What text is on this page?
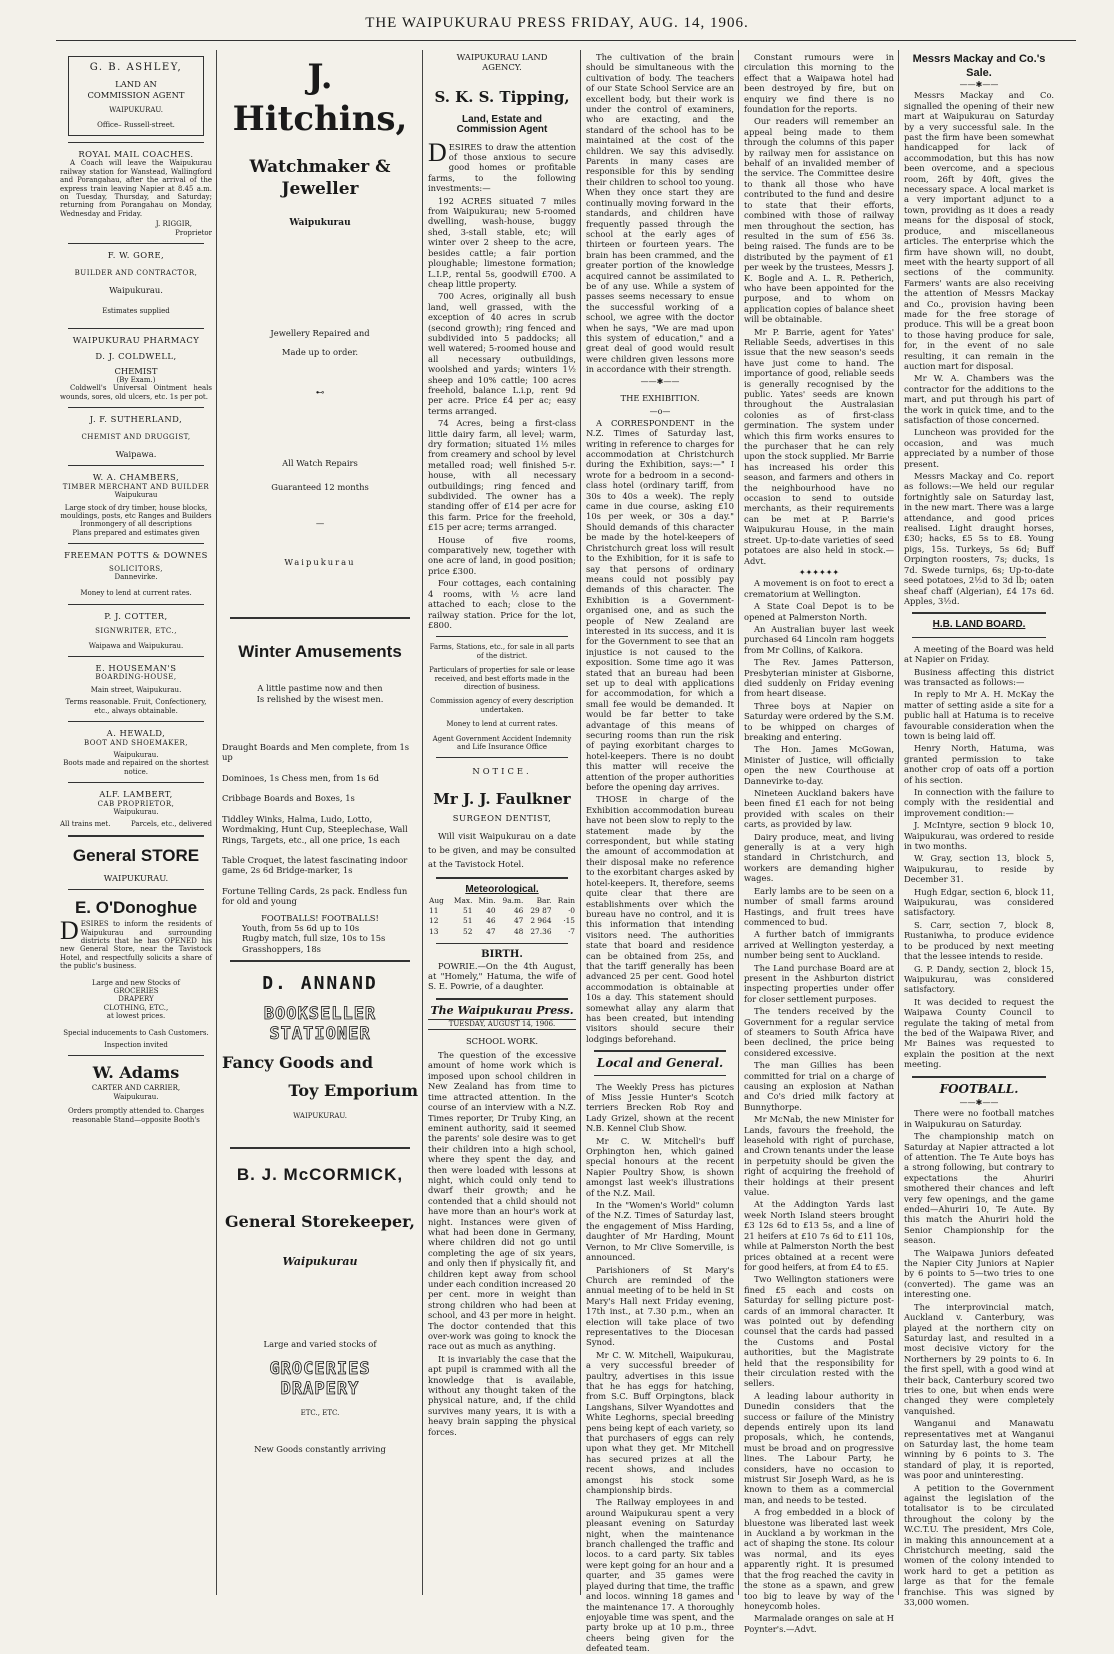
THE WAIPUKURAU PRESS FRIDAY, AUG. 14, 1906.
G. B. ASHLEY,
LAND AN
COMMISSION AGENT
WAIPUKURAU.
Office– Russell-street.
ROYAL MAIL COACHES.
A Coach will leave the Waipukurau railway station for Wanstead, Wallingford and Porangahau, after the arrival of the express train leaving Napier at 8.45 a.m. on Tuesday, Thursday, and Saturday; returning from Porangahau on Monday, Wednesday and Friday.
J. RIGGIR,
Proprietor
F. W. GORE,
BUILDER AND CONTRACTOR,
Waipukurau.
Estimates supplied
WAIPUKURAU PHARMACY
D. J. COLDWELL,
CHEMIST
(By Exam.)
Coldwell's Universal Ointment heals wounds, sores, old ulcers, etc. 1s per pot.
J. F. SUTHERLAND,
CHEMIST AND DRUGGIST,
Waipawa.
W. A. CHAMBERS,
TIMBER MERCHANT AND BUILDER
Waipukurau
Large stock of dry timber, house blocks, mouldings, posts, etc Ranges and Builders Ironmongery of all descriptions
Plans prepared and estimates given
FREEMAN POTTS & DOWNES
SOLICITORS,
Dannevirke.
Money to lend at current rates.
P. J. COTTER,
SIGNWRITER, ETC.,
Waipawa and Waipukurau.
E. HOUSEMAN'S
BOARDING-HOUSE,
Main street, Waipukurau.
Terms reasonable. Fruit, Confectionery, etc., always obtainable.
A. HEWALD,
BOOT AND SHOEMAKER,
Waipukurau.
Boots made and repaired on the shortest notice.
ALF. LAMBERT,
CAB PROPRIETOR,
Waipukurau.
All trains met.	Parcels, etc., delivered
General STORE
WAIPUKURAU.
E. O'Donoghue
DESIRES to inform the residents of Waipukurau and surrounding districts that he has OPENED his new General Store, near the Tavistock Hotel, and respectfully solicits a share of the public's business.
Large and new Stocks of
GROCERIES
DRAPERY
CLOTHING, ETC.,
at lowest prices.
Special inducements to Cash Customers.
Inspection invited
W. Adams
CARTER AND CARRIER,
Waipukurau.
Orders promptly attended to. Charges reasonable Stand—opposite Booth's
J. Hitchins,
Watchmaker & Jeweller
Waipukurau
Jewellery Repaired and
Made up to order.
⊷
All Watch Repairs
Guaranteed 12 months
—
Waipukurau
Winter Amusements
A little pastime now and then
Is relished by the wisest men.
Draught Boards and Men complete, from 1s up
Dominoes, 1s Chess men, from 1s 6d
Cribbage Boards and Boxes, 1s
Tiddley Winks, Halma, Ludo, Lotto, Wordmaking, Hunt Cup, Steeplechase, Wall Rings, Targets, etc., all one price, 1s each
Table Croquet, the latest fascinating indoor game, 2s 6d Bridge-marker, 1s
Fortune Telling Cards, 2s pack. Endless fun for old and young
FOOTBALLS! FOOTBALLS!
Youth, from 5s 6d up to 10s
Rugby match, full size, 10s to 15s
Grasshoppers, 18s
D. ANNAND
BOOKSELLER
STATIONER
Fancy Goods and
Toy Emporium
WAIPUKURAU.
B. J. McCORMICK,
General Storekeeper,
Waipukurau
Large and varied stocks of
GROCERIES
DRAPERY
ETC., ETC.
New Goods constantly arriving
WAIPUKURAU LAND
AGENCY.
S. K. S. Tipping,
Land, Estate and
Commission Agent
DESIRES to draw the attention of those anxious to secure good homes or profitable farms, to the following investments:—
192 ACRES situated 7 miles from Waipukurau; new 5-roomed dwelling, wash-house, buggy shed, 3-stall stable, etc; will winter over 2 sheep to the acre, besides cattle; a fair portion ploughable; limestone formation; L.I.P., rental 5s, goodwill £700. A cheap little property.
700 Acres, originally all bush land, well grassed, with the exception of 40 acres in scrub (second growth); ring fenced and subdivided into 5 paddocks; all well watered; 5-roomed house and all necessary outbuildings, woolshed and yards; winters 1½ sheep and 10% cattle; 100 acres freehold, balance L.i.p, rent 9d per acre. Price £4 per ac; easy terms arranged.
74 Acres, being a first-class little dairy farm, all level; warm, dry formation; situated 1½ miles from creamery and school by level metalled road; well finished 5-r. house, with all necessary outbuildings; ring fenced and subdivided. The owner has a standing offer of £14 per acre for this farm. Price for the freehold, £15 per acre; terms arranged.
House of five rooms, comparatively new, together with one acre of land, in good position; price £300.
Four cottages, each containing 4 rooms, with ½ acre land attached to each; close to the railway station. Price for the lot, £800.
Farms, Stations, etc., for sale in all parts of the district.
Particulars of properties for sale or lease received, and best efforts made in the direction of business.
Commission agency of every description undertaken.
Money to lend at current rates.
Agent Government Accident Indemnity and Life Insurance Office
NOTICE.
Mr J. J. Faulkner
SURGEON DENTIST,
Will visit Waipukurau on a date to be given, and may be consulted at the Tavistock Hotel.
Meteorological.
Aug	Max.	Min.	9a.m.	Bar.	Rain
11	51	40	46	29 87	·0
12	51	46	47	2 964	·15
13	52	47	48	27.36	·7
BIRTH.
POWRIE.—On the 4th August, at "Homely," Hatuma, the wife of S. E. Powrie, of a daughter.
The Waipukurau Press.
TUESDAY, AUGUST 14, 1906.
SCHOOL WORK.
The question of the excessive amount of home work which is imposed upon school children in New Zealand has from time to time attracted attention. In the course of an interview with a N.Z. Times reporter, Dr Truby King, an eminent authority, said it seemed the parents' sole desire was to get their children into a high school, where they spent the day, and then were loaded with lessons at night, which could only tend to dwarf their growth; and he contended that a child should not have more than an hour's work at night. Instances were given of what had been done in Germany, where children did not go until completing the age of six years, and only then if physically fit, and children kept away from school under each condition increased 20 per cent. more in weight than strong children who had been at school, and 43 per more in height. The doctor contended that this over-work was going to knock the race out as much as anything.
It is invariably the case that the apt pupil is crammed with all the knowledge that is available, without any thought taken of the physical nature, and, if the child survives many years, it is with a heavy brain sapping the physical forces.
The cultivation of the brain should be simultaneous with the cultivation of body. The teachers of our State School Service are an excellent body, but their work is under the control of examiners, who are exacting, and the standard of the school has to be maintained at the cost of the children. We say this advisedly. Parents in many cases are responsible for this by sending their children to school too young. When they once start they are continually moving forward in the standards, and children have frequently passed through the school at the early ages of thirteen or fourteen years. The brain has been crammed, and the greater portion of the knowledge acquired cannot be assimilated to be of any use. While a system of passes seems necessary to ensue the successful working of a school, we agree with the doctor when he says, "We are mad upon this system of education," and a great deal of good would result were children given lessons more in accordance with their strength.
——✱——
THE EXHIBITION.
—o—
A CORRESPONDENT in the N.Z. Times of Saturday last, writing in reference to charges for accommodation at Christchurch during the Exhibition, says:—" I wrote for a bedroom in a second-class hotel (ordinary tariff, from 30s to 40s a week). The reply came in due course, asking £10 10s per week, or 30s a day." Should demands of this character be made by the hotel-keepers of Christchurch great loss will result to the Exhibition, for it is safe to say that persons of ordinary means could not possibly pay demands of this character. The Exhibition is a Government-organised one, and as such the people of New Zealand are interested in its success, and it is for the Government to see that an injustice is not caused to the exposition. Some time ago it was stated that an bureau had been set up to deal with applications for accommodation, for which a small fee would be demanded. It would be far better to take advantage of this means of securing rooms than run the risk of paying exorbitant charges to hotel-keepers. There is no doubt this matter will receive the attention of the proper authorities before the opening day arrives.
THOSE in charge of the Exhibition accommodation bureau have not been slow to reply to the statement made by the correspondent, but while stating the amount of accommodation at their disposal make no reference to the exorbitant charges asked by hotel-keepers. It, therefore, seems quite clear that there are establishments over which the bureau have no control, and it is this information that intending visitors need. The authorities state that board and residence can be obtained from 25s, and that the tariff generally has been advanced 25 per cent. Good hotel accommodation is obtainable at 10s a day. This statement should somewhat allay any alarm that has been created, but intending visitors should secure their lodgings beforehand.
Local and General.
The Weekly Press has pictures of Miss Jessie Hunter's Scotch terriers Brecken Rob Roy and Lady Grizel, shown at the recent N.B. Kennel Club Show.
Mr C. W. Mitchell's buff Orphington hen, which gained special honours at the recent Napier Poultry Show, is shown amongst last week's illustrations of the N.Z. Mail.
In the "Women's World" column of the N.Z. Times of Saturday last, the engagement of Miss Harding, daughter of Mr Harding, Mount Vernon, to Mr Clive Somerville, is announced.
Parishioners of St Mary's Church are reminded of the annual meeting of to be held in St Mary's Hall next Friday evening, 17th inst., at 7.30 p.m., when an election will take place of two representatives to the Diocesan Synod.
Mr C. W. Mitchell, Waipukurau, a very successful breeder of paultry, advertises in this issue that he has eggs for hatching, from S.C. Buff Orpingtons, black Langshans, Silver Wyandottes and White Leghorns, special breeding pens being kept of each variety, so that purchasers of eggs can rely upon what they get. Mr Mitchell has secured prizes at all the recent shows, and includes amongst his stock some championship birds.
The Railway employees in and around Waipukurau spent a very pleasant evening on Saturday night, when the maintenance branch challenged the traffic and locos. to a card party. Six tables were kept going for an hour and a quarter, and 35 games were played during that time, the traffic and locos. winning 18 games and the maintenance 17. A thoroughly enjoyable time was spent, and the party broke up at 10 p.m., three cheers being given for the defeated team.
Constant rumours were in circulation this morning to the effect that a Waipawa hotel had been destroyed by fire, but on enquiry we find there is no foundation for the reports.
Our readers will remember an appeal being made to them through the columns of this paper by railway men for assistance on behalf of an invalided member of the service. The Committee desire to thank all those who have contributed to the fund and desire to state that their efforts, combined with those of railway men throughout the section, has resulted in the sum of £56 3s. being raised. The funds are to be distributed by the payment of £1 per week by the trustees, Messrs J. K. Bogle and A. L. R. Petherich, who have been appointed for the purpose, and to whom on application copies of balance sheet will be obtainable.
Mr P. Barrie, agent for Yates' Reliable Seeds, advertises in this issue that the new season's seeds have just come to hand. The importance of good, reliable seeds is generally recognised by the public. Yates' seeds are known throughout the Australasian colonies as of first-class germination. The system under which this firm works ensures to the purchaser that he can rely upon the stock supplied. Mr Barrie has increased his order this season, and farmers and others in the neighbourhood have no occasion to send to outside merchants, as their requirements can be met at P. Barrie's Waipukurau House, in the main street. Up-to-date varieties of seed potatoes are also held in stock.—Advt.
✦✦✦✦✦✦
A movement is on foot to erect a crematorium at Wellington.
A State Coal Depot is to be opened at Palmerston North.
An Australian buyer last week purchased 64 Lincoln ram hoggets from Mr Collins, of Kaikora.
The Rev. James Patterson, Presbyterian minister at Gisborne, died suddenly on Friday evening from heart disease.
Three boys at Napier on Saturday were ordered by the S.M. to be whipped on charges of breaking and entering.
The Hon. James McGowan, Minister of Justice, will officially open the new Courthouse at Dannevirke to-day.
Nineteen Auckland bakers have been fined £1 each for not being provided with scales on their carts, as provided by law.
Dairy produce, meat, and living generally is at a very high standard in Christchurch, and workers are demanding higher wages.
Early lambs are to be seen on a number of small farms around Hastings, and fruit trees have commenced to bud.
A further batch of immigrants arrived at Wellington yesterday, a number being sent to Auckland.
The Land purchase Board are at present in the Ashburton district inspecting properties under offer for closer settlement purposes.
The tenders received by the Government for a regular service of steamers to South Africa have been declined, the price being considered excessive.
The man Gillies has been committed for trial on a charge of causing an explosion at Nathan and Co's dried milk factory at Bunnythorpe.
Mr McNab, the new Minister for Lands, favours the freehold, the leasehold with right of purchase, and Crown tenants under the lease in perpetuity should be given the right of acquiring the freehold of their holdings at their present value.
At the Addington Yards last week North Island steers brought £3 12s 6d to £13 5s, and a line of 21 heifers at £10 7s 6d to £11 10s, while at Palmerston North the best prices obtained at a recent were for good heifers, at from £4 to £5.
Two Wellington stationers were fined £5 each and costs on Saturday for selling picture post-cards of an immoral character. It was pointed out by defending counsel that the cards had passed the Customs and Postal authorities, but the Magistrate held that the responsibility for their circulation rested with the sellers.
A leading labour authority in Dunedin considers that the success or failure of the Ministry depends entirely upon its land proposals, which, he contends, must be broad and on progressive lines. The Labour Party, he considers, have no occasion to mistrust Sir Joseph Ward, as he is known to them as a commercial man, and needs to be tested.
A frog embedded in a block of bluestone was liberated last week in Auckland a by workman in the act of shaping the stone. Its colour was normal, and its eyes apparently right. It is presumed that the frog reached the cavity in the stone as a spawn, and grew too big to leave by way of the honeycomb holes.
Marmalade oranges on sale at H Poynter's.—Advt.
Messrs Mackay and Co.'s Sale.
——✱——
Messrs Mackay and Co. signalled the opening of their new mart at Waipukurau on Saturday by a very successful sale. In the past the firm have been somewhat handicapped for lack of accommodation, but this has now been overcome, and a specious room, 26ft by 40ft, gives the necessary space. A local market is a very important adjunct to a town, providing as it does a ready means for the disposal of stock, produce, and miscellaneous articles. The enterprise which the firm have shown will, no doubt, meet with the hearty support of all sections of the community. Farmers' wants are also receiving the attention of Messrs Mackay and Co., provision having been made for the free storage of produce. This will be a great boon to those having produce for sale, for, in the event of no sale resulting, it can remain in the auction mart for disposal.
Mr W. A. Chambers was the contractor for the additions to the mart, and put through his part of the work in quick time, and to the satisfaction of those concerned.
Luncheon was provided for the occasion, and was much appreciated by a number of those present.
Messrs Mackay and Co. report as follows:—We held our regular fortnightly sale on Saturday last, in the new mart. There was a large attendance, and good prices realised. Light draught horses, £30; hacks, £5 5s to £8. Young pigs, 15s. Turkeys, 5s 6d; Buff Orpington roosters, 7s; ducks, 1s 7d. Swede turnips, 6s; Up-to-date seed potatoes, 2½d to 3d lb; oaten sheaf chaff (Algerian), £4 17s 6d. Apples, 3½d.
H.B. LAND BOARD.
A meeting of the Board was held at Napier on Friday.
Business affecting this district was transacted as follows:—
In reply to Mr A. H. McKay the matter of setting aside a site for a public hall at Hatuma is to receive favourable consideration when the town is being laid off.
Henry North, Hatuma, was granted permission to take another crop of oats off a portion of his section.
In connection with the failure to comply with the residential and improvement condition:—
J. McIntyre, section 9 block 10, Waipukurau, was ordered to reside in two months.
W. Gray, section 13, block 5, Waipukurau, to reside by December 31.
Hugh Edgar, section 6, block 11, Waipukurau, was considered satisfactory.
S. Carr, section 7, block 8, Rustaniwha, to produce evidence to be produced by next meeting that the lessee intends to reside.
G. P. Dandy, section 2, block 15, Waipukurau, was considered satisfactory.
It was decided to request the Waipawa County Council to regulate the taking of metal from the bed of the Waipawa River, and Mr Baines was requested to explain the position at the next meeting.
FOOTBALL.
——✱——
There were no football matches in Waipukurau on Saturday.
The championship match on Saturday at Napier attracted a lot of attention. The Te Aute boys has a strong following, but contrary to expectations the Ahuriri smothered their chances and left very few openings, and the game ended—Ahuriri 10, Te Aute. By this match the Ahuriri hold the Senior Championship for the season.
The Waipawa Juniors defeated the Napier City Juniors at Napier by 6 points to 5—two tries to one (converted). The game was an interesting one.
The interprovincial match, Auckland v. Canterbury, was played at the northern city on Saturday last, and resulted in a most decisive victory for the Northerners by 29 points to 6. In the first spell, with a good wind at their back, Canterbury scored two tries to one, but when ends were changed they were completely vanquished.
Wanganui and Manawatu representatives met at Wanganui on Saturday last, the home team winning by 6 points to 3. The standard of play, it is reported, was poor and uninteresting.
A petition to the Government against the legislation of the totalisator is to be circulated throughout the colony by the W.C.T.U. The president, Mrs Cole, in making this announcement at a Christchurch meeting, said the women of the colony intended to work hard to get a petition as large as that for the female franchise. This was signed by 33,000 women.
